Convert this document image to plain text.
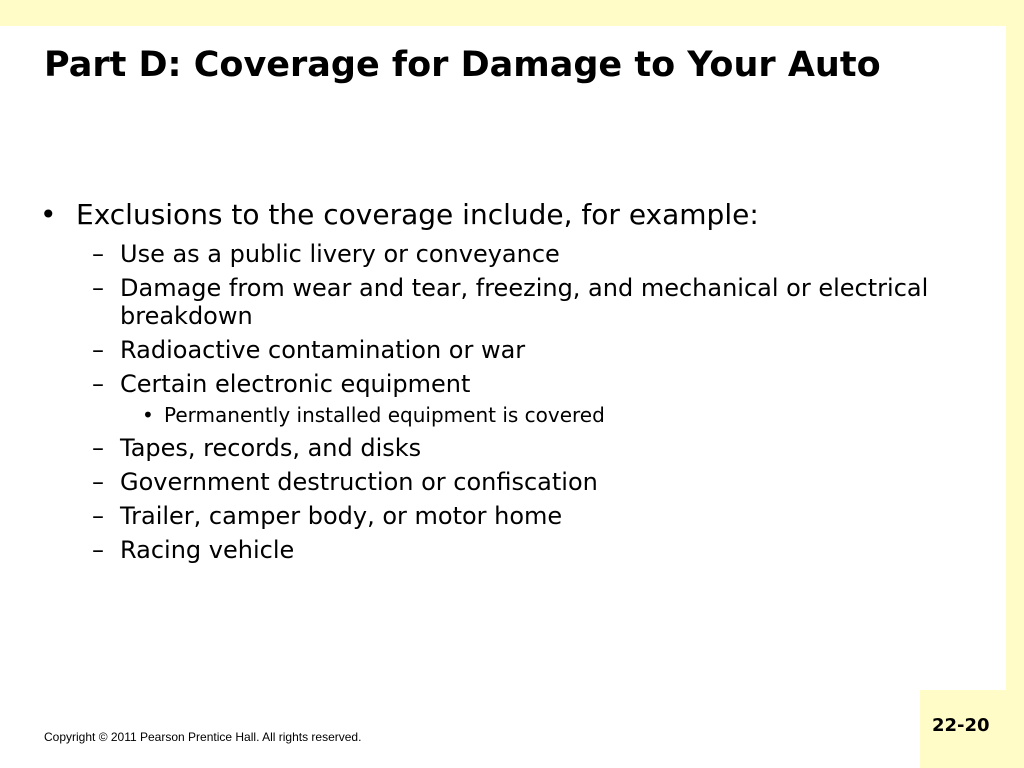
Part D: Coverage for Damage to Your Auto
• Exclusions to the coverage include, for example:
– Use as a public livery or conveyance
– Damage from wear and tear, freezing, and mechanical or electrical breakdown
– Radioactive contamination or war
– Certain electronic equipment
• Permanently installed equipment is covered
– Tapes, records, and disks
– Government destruction or confiscation
– Trailer, camper body, or motor home
– Racing vehicle
Copyright © 2011 Pearson Prentice Hall. All rights reserved.
22-20
